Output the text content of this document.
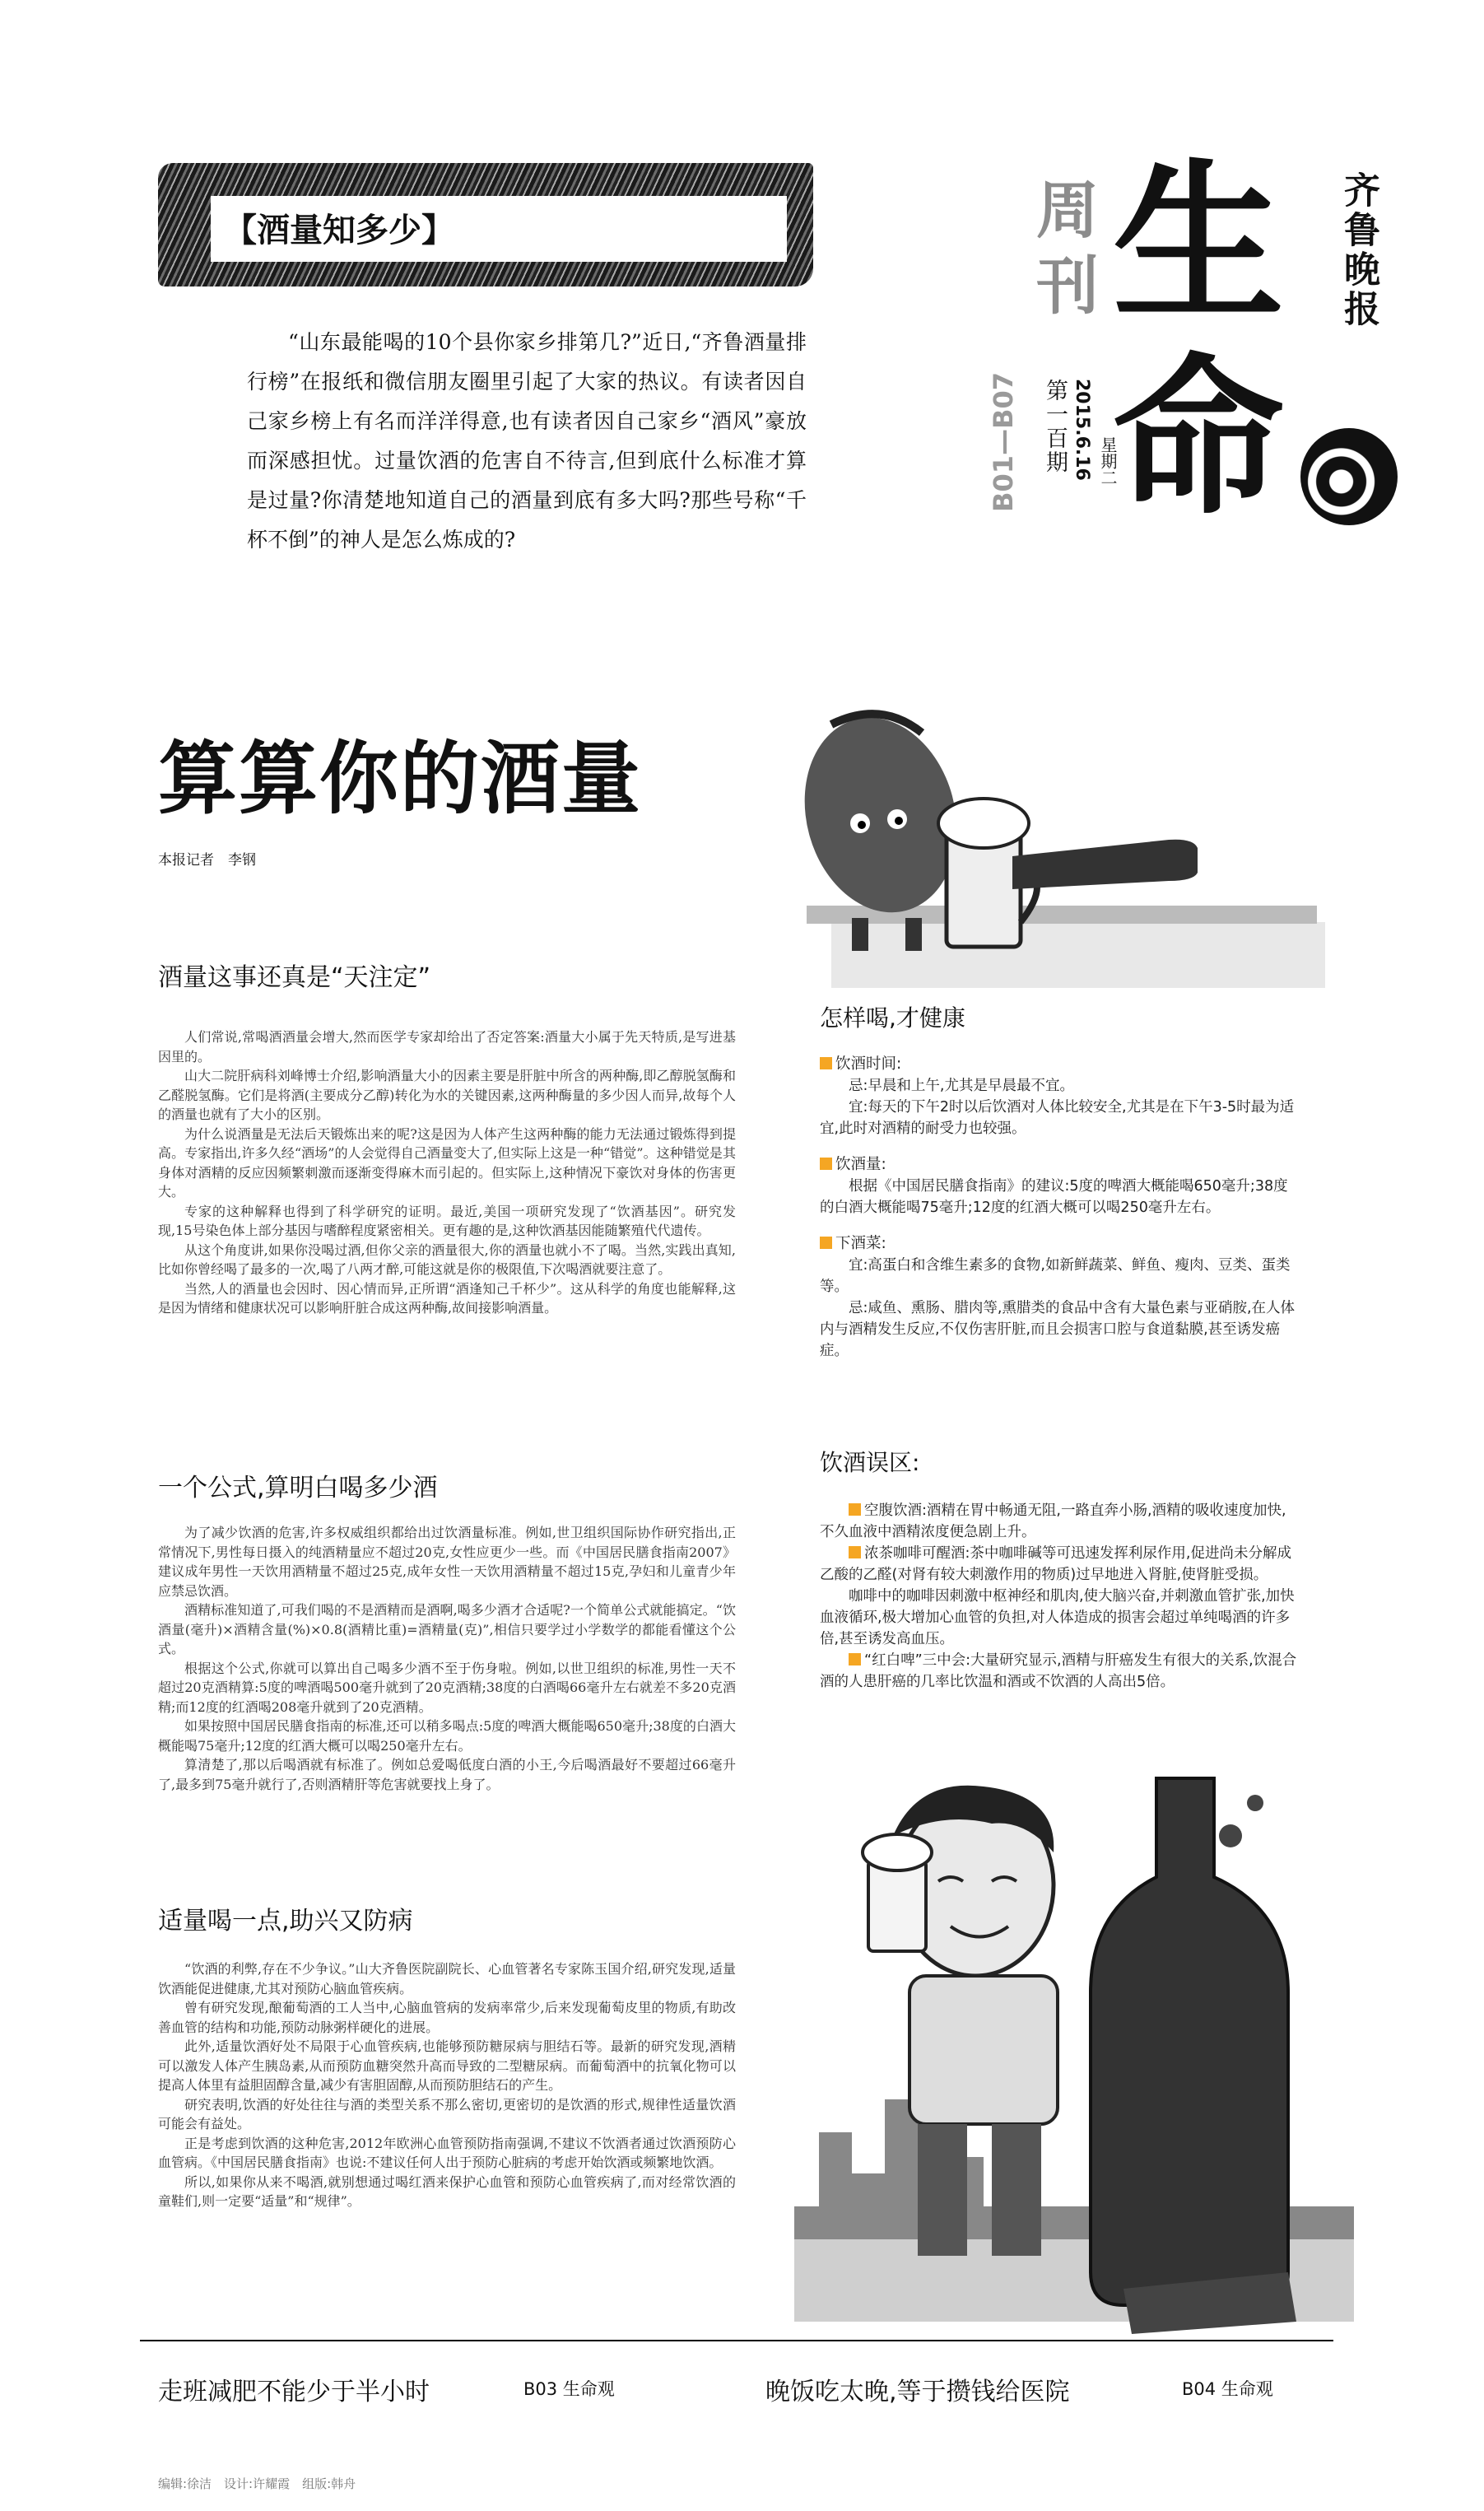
【酒量知多少】
“山东最能喝的10个县你家乡排第几?”近日,“齐鲁酒量排行榜”在报纸和微信朋友圈里引起了大家的热议。有读者因自己家乡榜上有名而洋洋得意,也有读者因自己家乡“酒风”豪放而深感担忧。过量饮酒的危害自不待言,但到底什么标准才算是过量?你清楚地知道自己的酒量到底有多大吗?那些号称“千杯不倒”的神人是怎么炼成的?
B01—B07
周刊
第一百期 2015.6.16 星期二
生
命
齐鲁晚报
算算你的酒量
本报记者　李钢
酒量这事还真是“天注定”

人们常说,常喝酒酒量会增大,然而医学专家却给出了否定答案:酒量大小属于先天特质,是写进基因里的。

山大二院肝病科刘峰博士介绍,影响酒量大小的因素主要是肝脏中所含的两种酶,即乙醇脱氢酶和乙醛脱氢酶。它们是将酒(主要成分乙醇)转化为水的关键因素,这两种酶量的多少因人而异,故每个人的酒量也就有了大小的区别。

为什么说酒量是无法后天锻炼出来的呢?这是因为人体产生这两种酶的能力无法通过锻炼得到提高。专家指出,许多久经“酒场”的人会觉得自己酒量变大了,但实际上这是一种“错觉”。这种错觉是其身体对酒精的反应因频繁刺激而逐渐变得麻木而引起的。但实际上,这种情况下豪饮对身体的伤害更大。

专家的这种解释也得到了科学研究的证明。最近,美国一项研究发现了“饮酒基因”。研究发现,15号染色体上部分基因与嗜醉程度紧密相关。更有趣的是,这种饮酒基因能随繁殖代代遗传。

从这个角度讲,如果你没喝过酒,但你父亲的酒量很大,你的酒量也就小不了喝。当然,实践出真知,比如你曾经喝了最多的一次,喝了八两才醉,可能这就是你的极限值,下次喝酒就要注意了。

当然,人的酒量也会因时、因心情而异,正所谓“酒逢知己千杯少”。这从科学的角度也能解释,这是因为情绪和健康状况可以影响肝脏合成这两种酶,故间接影响酒量。

一个公式,算明白喝多少酒

为了减少饮酒的危害,许多权威组织都给出过饮酒量标准。例如,世卫组织国际协作研究指出,正常情况下,男性每日摄入的纯酒精量应不超过20克,女性应更少一些。而《中国居民膳食指南2007》建议成年男性一天饮用酒精量不超过25克,成年女性一天饮用酒精量不超过15克,孕妇和儿童青少年应禁忌饮酒。

酒精标准知道了,可我们喝的不是酒精而是酒啊,喝多少酒才合适呢?一个简单公式就能搞定。“饮酒量(毫升)×酒精含量(%)×0.8(酒精比重)=酒精量(克)”,相信只要学过小学数学的都能看懂这个公式。

根据这个公式,你就可以算出自己喝多少酒不至于伤身啦。例如,以世卫组织的标准,男性一天不超过20克酒精算:5度的啤酒喝500毫升就到了20克酒精;38度的白酒喝66毫升左右就差不多20克酒精;而12度的红酒喝208毫升就到了20克酒精。

如果按照中国居民膳食指南的标准,还可以稍多喝点:5度的啤酒大概能喝650毫升;38度的白酒大概能喝75毫升;12度的红酒大概可以喝250毫升左右。

算清楚了,那以后喝酒就有标准了。例如总爱喝低度白酒的小王,今后喝酒最好不要超过66毫升了,最多到75毫升就行了,否则酒精肝等危害就要找上身了。

适量喝一点,助兴又防病

“饮酒的利弊,存在不少争议。”山大齐鲁医院副院长、心血管著名专家陈玉国介绍,研究发现,适量饮酒能促进健康,尤其对预防心脑血管疾病。

曾有研究发现,酿葡萄酒的工人当中,心脑血管病的发病率常少,后来发现葡萄皮里的物质,有助改善血管的结构和功能,预防动脉粥样硬化的进展。

此外,适量饮酒好处不局限于心血管疾病,也能够预防糖尿病与胆结石等。最新的研究发现,酒精可以激发人体产生胰岛素,从而预防血糖突然升高而导致的二型糖尿病。而葡萄酒中的抗氧化物可以提高人体里有益胆固醇含量,减少有害胆固醇,从而预防胆结石的产生。

研究表明,饮酒的好处往往与酒的类型关系不那么密切,更密切的是饮酒的形式,规律性适量饮酒可能会有益处。

正是考虑到饮酒的这种危害,2012年欧洲心血管预防指南强调,不建议不饮酒者通过饮酒预防心血管病。《中国居民膳食指南》也说:不建议任何人出于预防心脏病的考虑开始饮酒或频繁地饮酒。

所以,如果你从来不喝酒,就别想通过喝红酒来保护心血管和预防心血管疾病了,而对经常饮酒的童鞋们,则一定要“适量”和“规律”。

怎样喝,才健康
饮酒时间:

忌:早晨和上午,尤其是早晨最不宜。

宜:每天的下午2时以后饮酒对人体比较安全,尤其是在下午3-5时最为适宜,此时对酒精的耐受力也较强。

饮酒量:

根据《中国居民膳食指南》的建议:5度的啤酒大概能喝650毫升;38度的白酒大概能喝75毫升;12度的红酒大概可以喝250毫升左右。

下酒菜:

宜:高蛋白和含维生素多的食物,如新鲜蔬菜、鲜鱼、瘦肉、豆类、蛋类等。

忌:咸鱼、熏肠、腊肉等,熏腊类的食品中含有大量色素与亚硝胺,在人体内与酒精发生反应,不仅伤害肝脏,而且会损害口腔与食道黏膜,甚至诱发癌症。

饮酒误区:

空腹饮酒:酒精在胃中畅通无阻,一路直奔小肠,酒精的吸收速度加快,不久血液中酒精浓度便急剧上升。

浓茶咖啡可醒酒:茶中咖啡碱等可迅速发挥利尿作用,促进尚未分解成乙酸的乙醛(对肾有较大刺激作用的物质)过早地进入肾脏,使肾脏受损。

咖啡中的咖啡因刺激中枢神经和肌肉,使大脑兴奋,并刺激血管扩张,加快血液循环,极大增加心血管的负担,对人体造成的损害会超过单纯喝酒的许多倍,甚至诱发高血压。

“红白啤”三中会:大量研究显示,酒精与肝癌发生有很大的关系,饮混合酒的人患肝癌的几率比饮温和酒或不饮酒的人高出5倍。

走班减肥不能少于半小时	B03 生命观	晚饭吃太晚,等于攒钱给医院	B04 生命观
编辑:徐洁　设计:许耀霞　组版:韩舟
